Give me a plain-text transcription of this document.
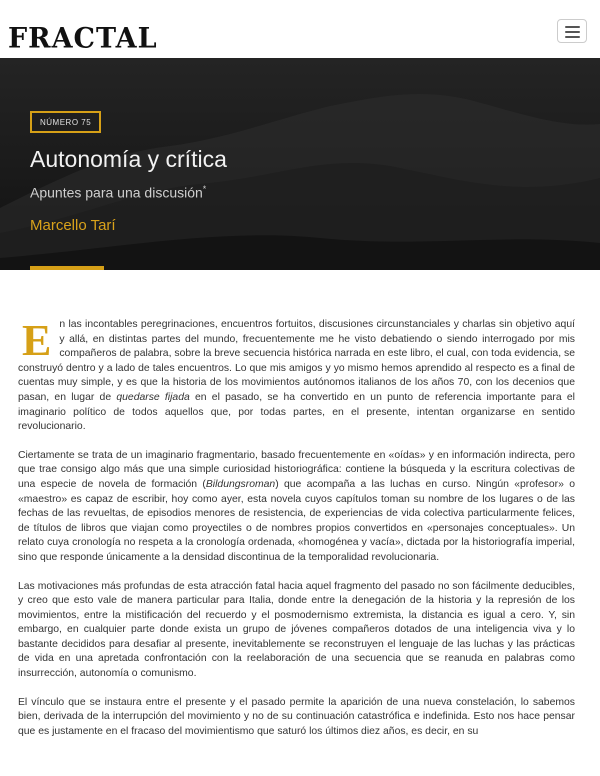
FRACTAL
NÚMERO 75
Autonomía y crítica
Apuntes para una discusión*
Marcello Tarí

En las incontables peregrinaciones, encuentros fortuitos, discusiones circunstanciales y charlas sin objetivo aquí y allá, en distintas partes del mundo, frecuentemente me he visto debatiendo o siendo interrogado por mis compañeros de palabra, sobre la breve secuencia histórica narrada en este libro, el cual, con toda evidencia, se construyó dentro y a lado de tales encuentros. Lo que mis amigos y yo mismo hemos aprendido al respecto es a final de cuentas muy simple, y es que la historia de los movimientos autónomos italianos de los años 70, con los decenios que pasan, en lugar de quedarse fijada en el pasado, se ha convertido en un punto de referencia importante para el imaginario político de todos aquellos que, por todas partes, en el presente, intentan organizarse en sentido revolucionario.

Ciertamente se trata de un imaginario fragmentario, basado frecuentemente en «oídas» y en información indirecta, pero que trae consigo algo más que una simple curiosidad historiográfica: contiene la búsqueda y la escritura colectivas de una especie de novela de formación (Bildungsroman) que acompaña a las luchas en curso. Ningún «profesor» o «maestro» es capaz de escribir, hoy como ayer, esta novela cuyos capítulos toman su nombre de los lugares o de las fechas de las revueltas, de episodios menores de resistencia, de experiencias de vida colectiva particularmente felices, de títulos de libros que viajan como proyectiles o de nombres propios convertidos en «personajes conceptuales». Un relato cuya cronología no respeta a la cronología ordenada, «homogénea y vacía», dictada por la historiografía imperial, sino que responde únicamente a la densidad discontinua de la temporalidad revolucionaria.

Las motivaciones más profundas de esta atracción fatal hacia aquel fragmento del pasado no son fácilmente deducibles, y creo que esto vale de manera particular para Italia, donde entre la denegación de la historia y la represión de los movimientos, entre la mistificación del recuerdo y el posmodernismo extremista, la distancia es igual a cero. Y, sin embargo, en cualquier parte donde exista un grupo de jóvenes compañeros dotados de una inteligencia viva y lo bastante decididos para desafiar al presente, inevitablemente se reconstruyen el lenguaje de las luchas y las prácticas de vida en una apretada confrontación con la reelaboración de una secuencia que se reanuda en palabras como insurrección, autonomía o comunismo.

El vínculo que se instaura entre el presente y el pasado permite la aparición de una nueva constelación, lo sabemos bien, derivada de la interrupción del movimiento y no de su continuación catastrófica e indefinida. Esto nos hace pensar que es justamente en el fracaso del movimientismo que saturó los últimos diez años, es decir, en su
